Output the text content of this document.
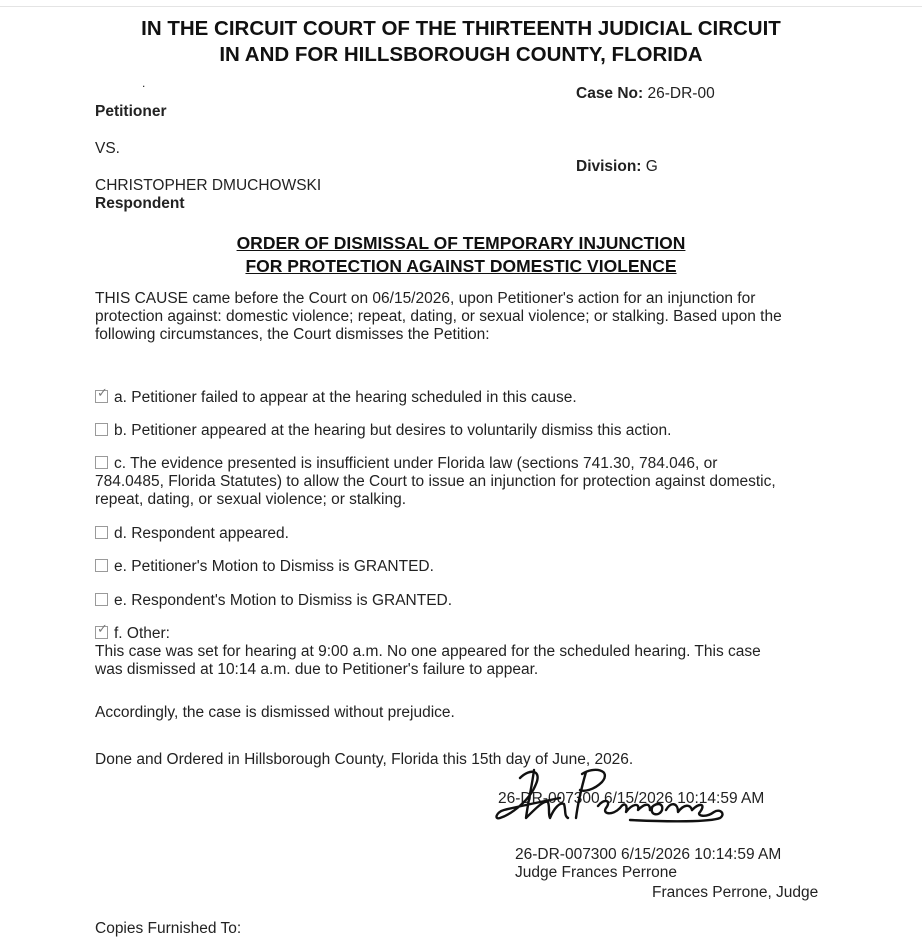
IN THE CIRCUIT COURT OF THE THIRTEENTH JUDICIAL CIRCUIT
IN AND FOR HILLSBOROUGH COUNTY, FLORIDA
.
Petitioner
VS.
CHRISTOPHER DMUCHOWSKI
Respondent
Case No: 26-DR-00
Division: G
ORDER OF DISMISSAL OF TEMPORARY INJUNCTION
FOR PROTECTION AGAINST DOMESTIC VIOLENCE
THIS CAUSE came before the Court on 06/15/2026, upon Petitioner's action for an injunction for
protection against: domestic violence; repeat, dating, or sexual violence; or stalking. Based upon the
following circumstances, the Court dismisses the Petition:
✓ a. Petitioner failed to appear at the hearing scheduled in this cause.
b. Petitioner appeared at the hearing but desires to voluntarily dismiss this action.
c. The evidence presented is insufficient under Florida law (sections 741.30, 784.046, or
784.0485, Florida Statutes) to allow the Court to issue an injunction for protection against domestic,
repeat, dating, or sexual violence; or stalking.
d. Respondent appeared.
e. Petitioner's Motion to Dismiss is GRANTED.
e. Respondent's Motion to Dismiss is GRANTED.
✓ f. Other:
This case was set for hearing at 9:00 a.m. No one appeared for the scheduled hearing. This case
was dismissed at 10:14 a.m. due to Petitioner's failure to appear.
Accordingly, the case is dismissed without prejudice.
Done and Ordered in Hillsborough County, Florida this 15th day of June, 2026.
26-DR-007300 6/15/2026 10:14:59 AM
26-DR-007300 6/15/2026 10:14:59 AM
Judge Frances Perrone
Frances Perrone, Judge
Copies Furnished To:
